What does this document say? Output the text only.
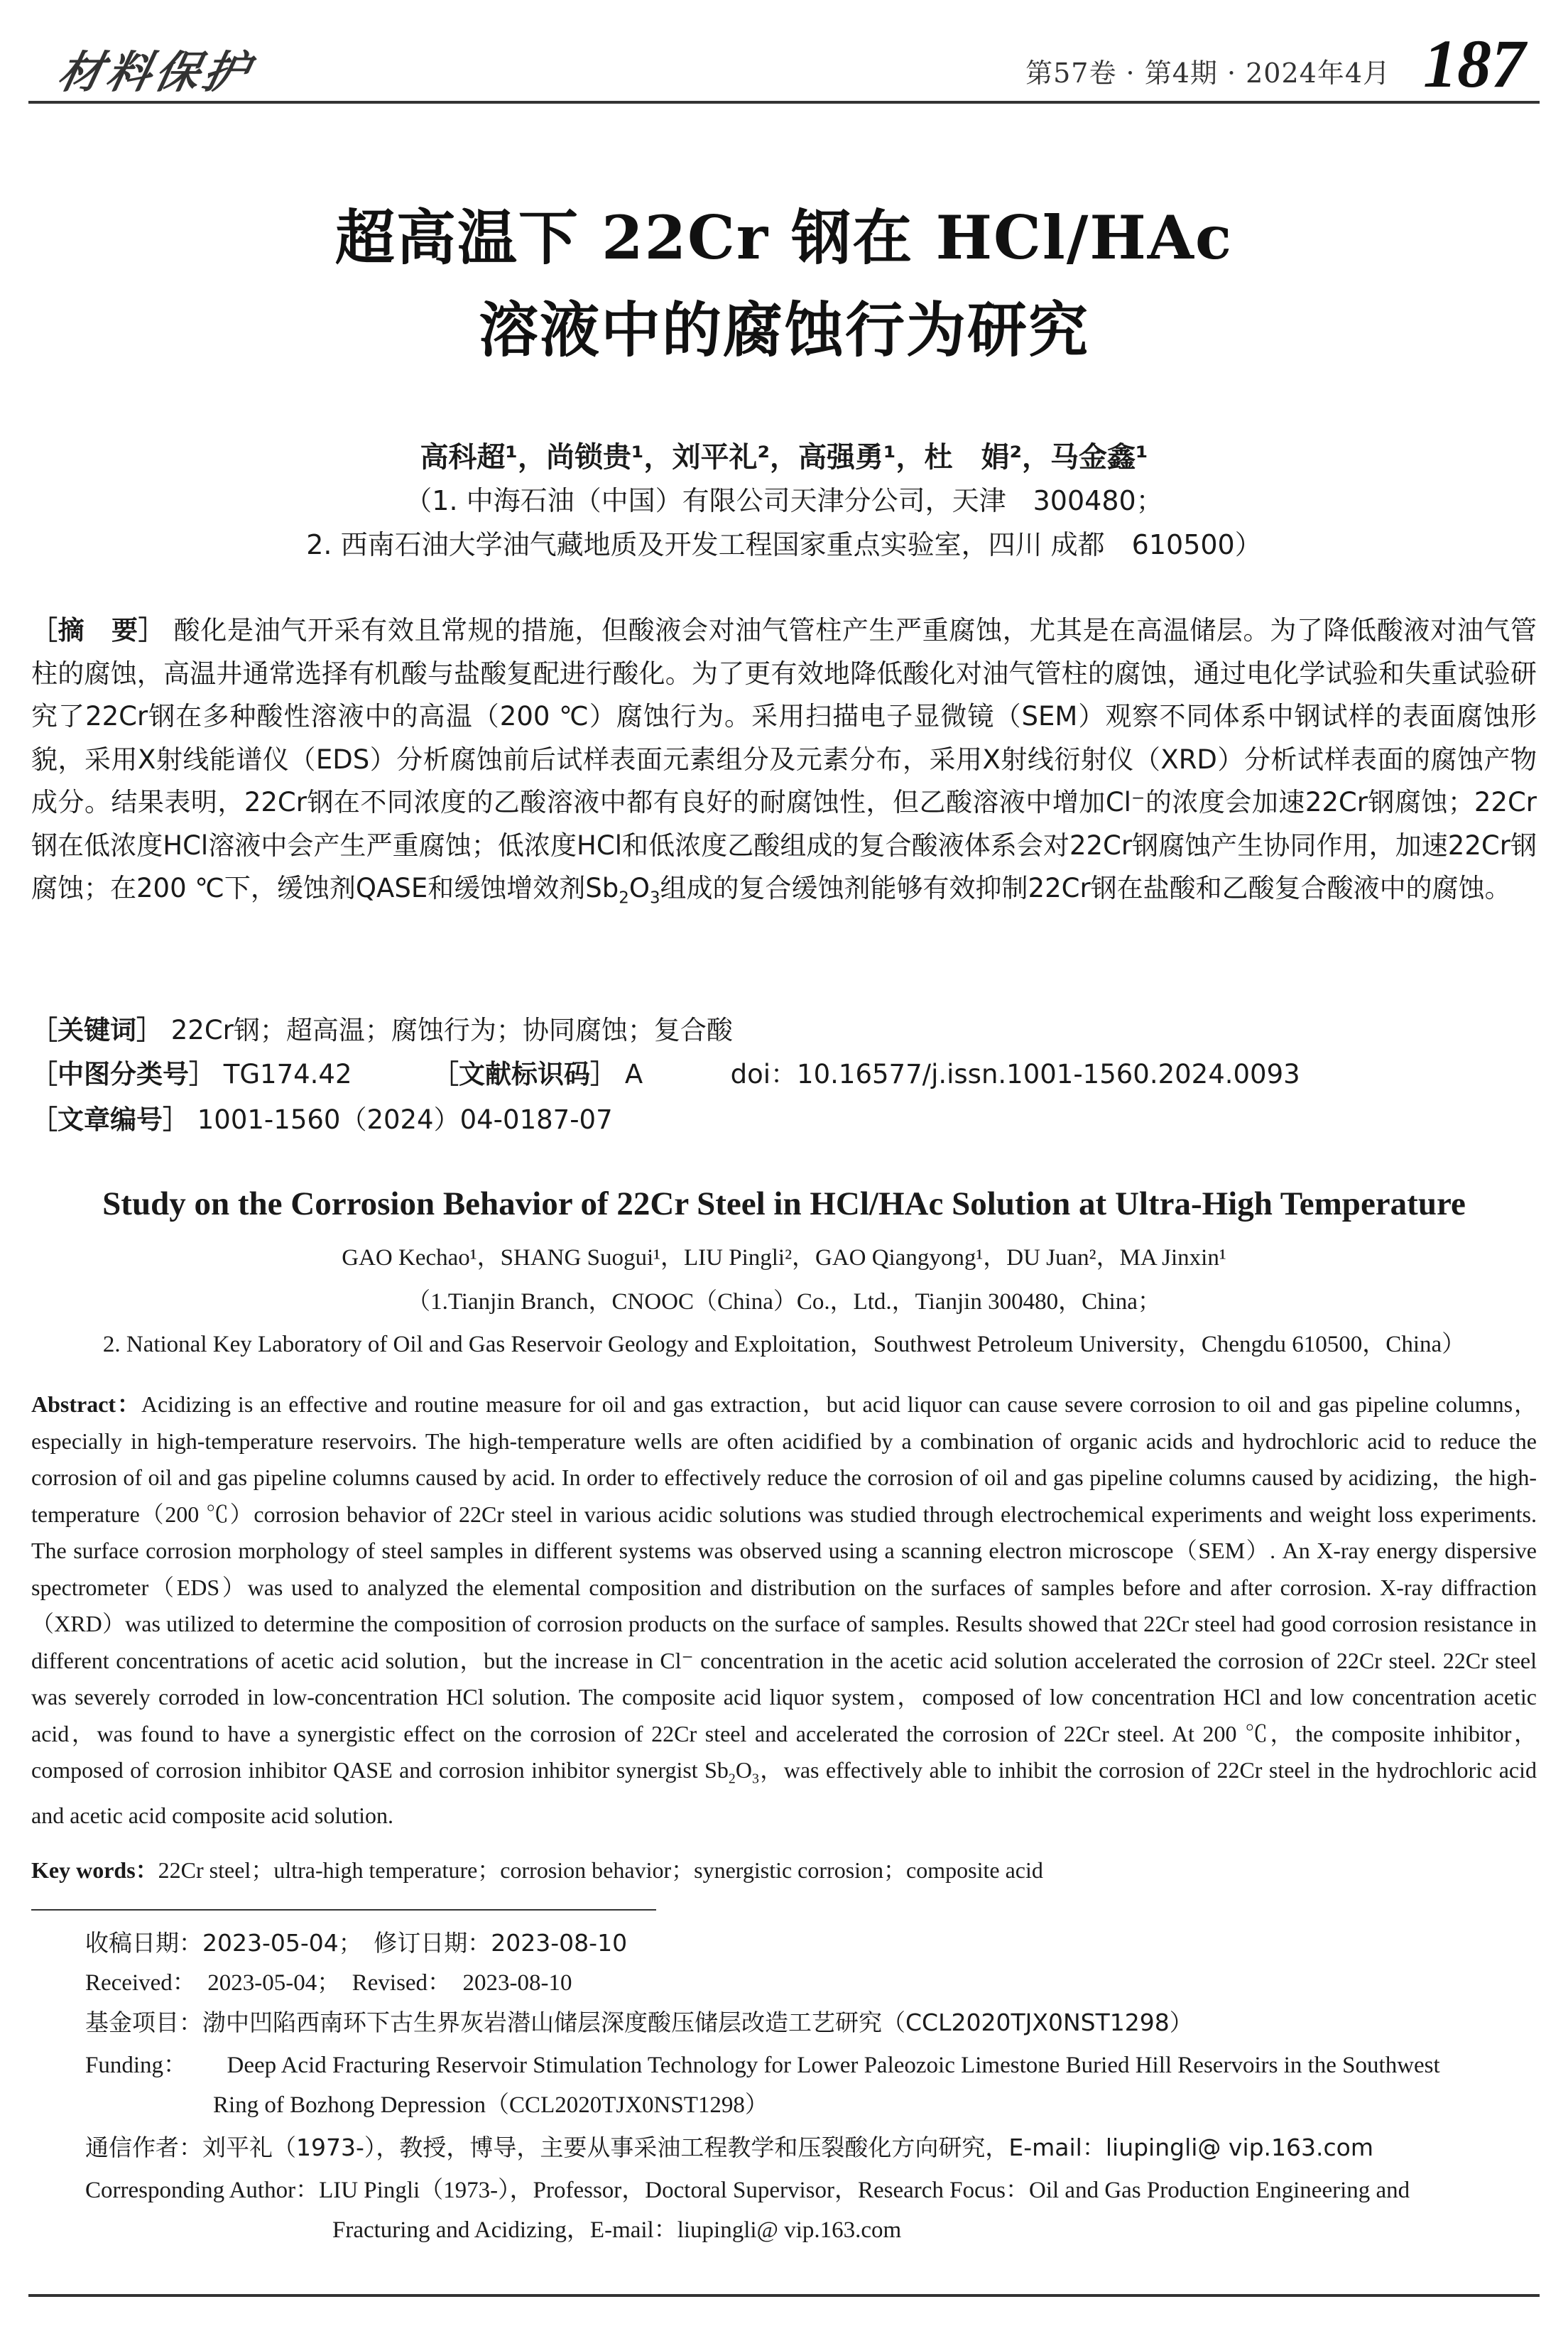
材料保护	第57卷 · 第4期 · 2024年4月 187
超高温下 22Cr 钢在 HCl/HAc
溶液中的腐蚀行为研究
高科超¹，尚锁贵¹，刘平礼²，高强勇¹，杜　娟²，马金鑫¹
（1. 中海石油（中国）有限公司天津分公司，天津　300480；
2. 西南石油大学油气藏地质及开发工程国家重点实验室，四川 成都　610500）
［摘　要］ 酸化是油气开采有效且常规的措施，但酸液会对油气管柱产生严重腐蚀，尤其是在高温储层。为了降低酸液对油气管柱的腐蚀，高温井通常选择有机酸与盐酸复配进行酸化。为了更有效地降低酸化对油气管柱的腐蚀，通过电化学试验和失重试验研究了22Cr钢在多种酸性溶液中的高温（200 ℃）腐蚀行为。采用扫描电子显微镜（SEM）观察不同体系中钢试样的表面腐蚀形貌，采用X射线能谱仪（EDS）分析腐蚀前后试样表面元素组分及元素分布，采用X射线衍射仪（XRD）分析试样表面的腐蚀产物成分。结果表明，22Cr钢在不同浓度的乙酸溶液中都有良好的耐腐蚀性，但乙酸溶液中增加Cl⁻的浓度会加速22Cr钢腐蚀；22Cr钢在低浓度HCl溶液中会产生严重腐蚀；低浓度HCl和低浓度乙酸组成的复合酸液体系会对22Cr钢腐蚀产生协同作用，加速22Cr钢腐蚀；在200 ℃下，缓蚀剂QASE和缓蚀增效剂$Sb_2O_3$组成的复合缓蚀剂能够有效抑制22Cr钢在盐酸和乙酸复合酸液中的腐蚀。
［关键词］ 22Cr钢；超高温；腐蚀行为；协同腐蚀；复合酸
［中图分类号］ TG174.42	［文献标识码］ A	doi：10.16577/j.issn.1001-1560.2024.0093
［文章编号］ 1001-1560（2024）04-0187-07
Study on the Corrosion Behavior of 22Cr Steel in HCl/HAc Solution at Ultra-High Temperature
GAO Kechao¹，SHANG Suogui¹，LIU Pingli²，GAO Qiangyong¹，DU Juan²，MA Jinxin¹
（1.Tianjin Branch，CNOOC（China）Co.，Ltd.，Tianjin 300480，China；
2. National Key Laboratory of Oil and Gas Reservoir Geology and Exploitation，Southwest Petroleum University，Chengdu 610500，China）
Abstract：Acidizing is an effective and routine measure for oil and gas extraction，but acid liquor can cause severe corrosion to oil and gas pipeline columns，especially in high-temperature reservoirs. The high-temperature wells are often acidified by a combination of organic acids and hydrochloric acid to reduce the corrosion of oil and gas pipeline columns caused by acid. In order to effectively reduce the corrosion of oil and gas pipeline columns caused by acidizing，the high-temperature（200 ℃）corrosion behavior of 22Cr steel in various acidic solutions was studied through electrochemical experiments and weight loss experiments. The surface corrosion morphology of steel samples in different systems was observed using a scanning electron microscope（SEM）. An X-ray energy dispersive spectrometer（EDS）was used to analyzed the elemental composition and distribution on the surfaces of samples before and after corrosion. X-ray diffraction（XRD）was utilized to determine the composition of corrosion products on the surface of samples. Results showed that 22Cr steel had good corrosion resistance in different concentrations of acetic acid solution，but the increase in Cl⁻ concentration in the acetic acid solution accelerated the corrosion of 22Cr steel. 22Cr steel was severely corroded in low-concentration HCl solution. The composite acid liquor system，composed of low concentration HCl and low concentration acetic acid，was found to have a synergistic effect on the corrosion of 22Cr steel and accelerated the corrosion of 22Cr steel. At 200 ℃，the composite inhibitor，composed of corrosion inhibitor QASE and corrosion inhibitor synergist $Sb_2O_3$，was effectively able to inhibit the corrosion of 22Cr steel in the hydrochloric acid and acetic acid composite acid solution.
Key words：22Cr steel；ultra-high temperature；corrosion behavior；synergistic corrosion；composite acid
收稿日期：2023-05-04；　修订日期：2023-08-10
Received：　2023-05-04；　Revised：　2023-08-10
基金项目：渤中凹陷西南环下古生界灰岩潜山储层深度酸压储层改造工艺研究（CCL2020TJX0NST1298）
Funding： Deep Acid Fracturing Reservoir Stimulation Technology for Lower Paleozoic Limestone Buried Hill Reservoirs in the Southwest
Ring of Bozhong Depression（CCL2020TJX0NST1298）
通信作者：刘平礼（1973-），教授，博导，主要从事采油工程教学和压裂酸化方向研究，E-mail：liupingli@ vip.163.com
Corresponding Author：LIU Pingli（1973-），Professor，Doctoral Supervisor，Research Focus：Oil and Gas Production Engineering and
Fracturing and Acidizing，E-mail：liupingli@ vip.163.com
